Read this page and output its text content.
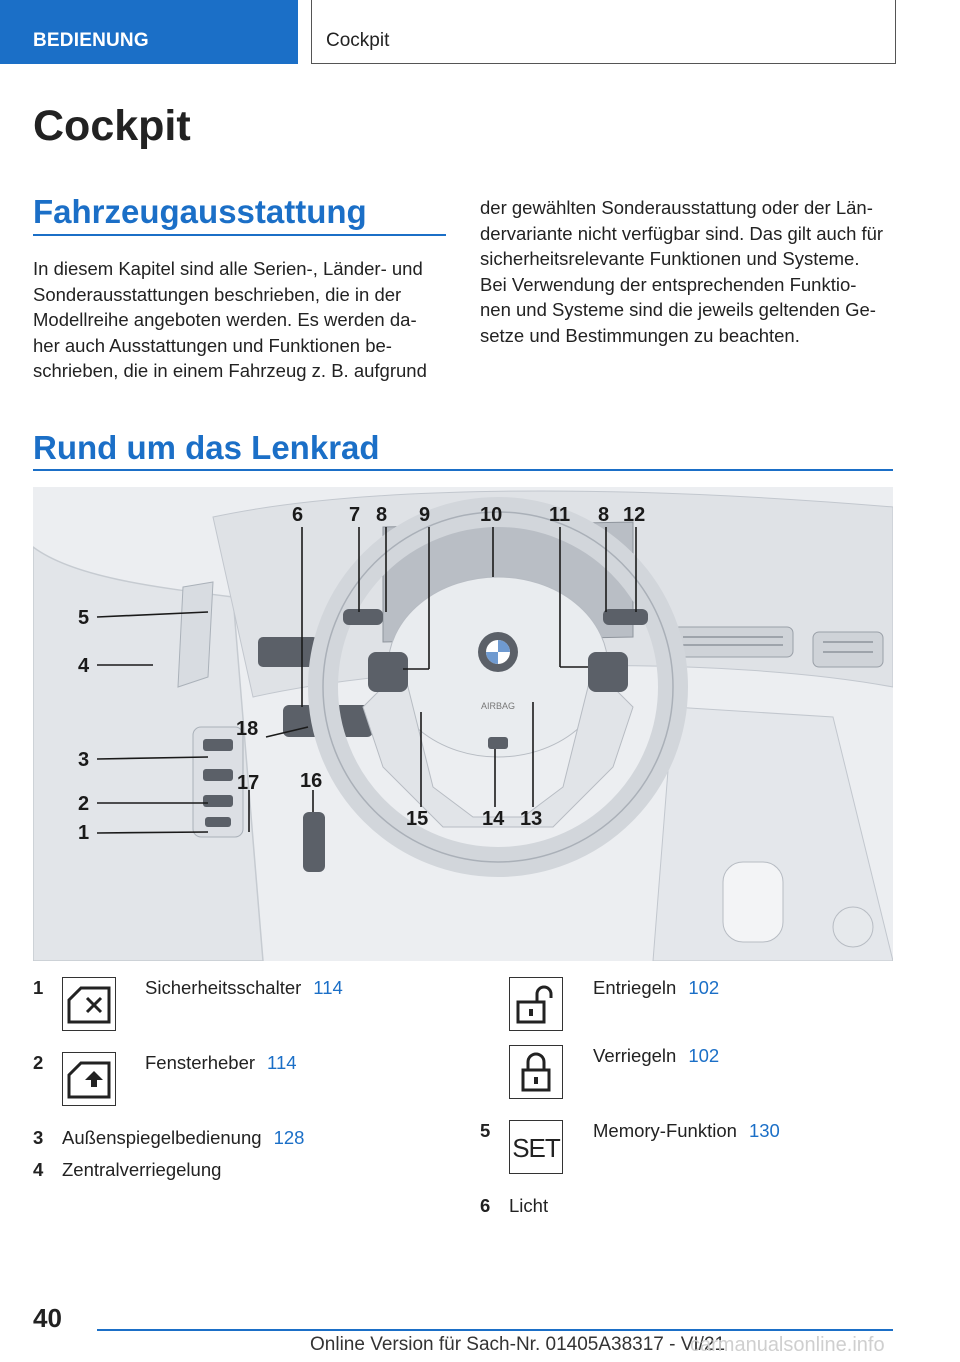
BEDIENUNG	Cockpit
Cockpit
Fahrzeugausstattung
In diesem Kapitel sind alle Serien-, Länder- und
Sonderausstattungen beschrieben, die in der
Modellreihe angeboten werden. Es werden da-
her auch Ausstattungen und Funktionen be-
schrieben, die in einem Fahrzeug z. B. aufgrund
der gewählten Sonderausstattung oder der Län-
dervariante nicht verfügbar sind. Das gilt auch für
sicherheitsrelevante Funktionen und Systeme.
Bei Verwendung der entsprechenden Funktio-
nen und Systeme sind die jeweils geltenden Ge-
setze und Bestimmungen zu beachten.
Rund um das Lenkrad
AIRBAG
1
2
3
4
5
6 7 8 9 10 11 8 12
13
14
15
16
17
18
1	Sicherheitsschalter 114
2	Fensterheber 114
3 Außenspiegelbedienung 128
4 Zentralverriegelung
Entriegeln 102
Verriegeln 102
5
SET
Memory-Funktion 130
6 Licht
40
Online Version für Sach-Nr. 01405A38317 - VI/21
carmanualsonline.info
